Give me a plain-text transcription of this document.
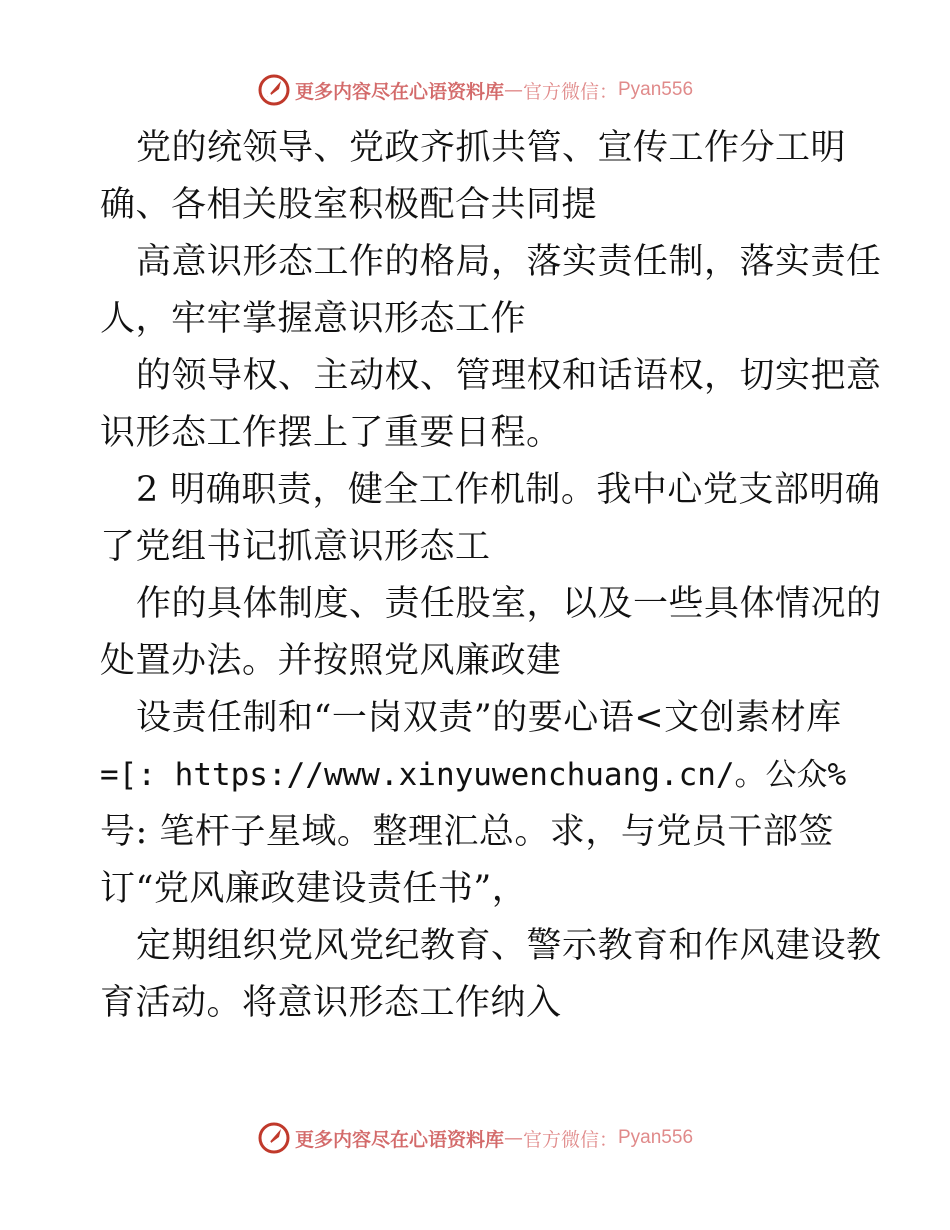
更多内容尽在心语资料库 — 官方微信： Pyan556
党的统领导、党政齐抓共管、宣传工作分工明
确、各相关股室积极配合共同提
高意识形态工作的格局，落实责任制，落实责任
人，牢牢掌握意识形态工作
的领导权、主动权、管理权和话语权，切实把意
识形态工作摆上了重要日程。
2 明确职责，健全工作机制。我中心党支部明确
了党组书记抓意识形态工
作的具体制度、责任股室，以及一些具体情况的
处置办法。并按照党风廉政建
设责任制和“一岗双责”的要心语<文创素材库
=[: https://www.xinyuwenchuang.cn/。公众%
号: 笔杆子星域。整理汇总。求，与党员干部签
订“党风廉政建设责任书”，
定期组织党风党纪教育、警示教育和作风建设教
育活动。将意识形态工作纳入
更多内容尽在心语资料库 — 官方微信： Pyan556
